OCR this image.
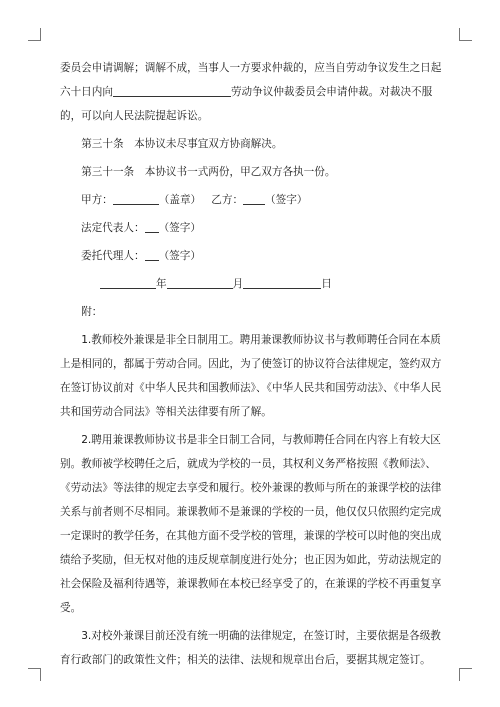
委员会申请调解；调解不成，当事人一方要求仲裁的，应当自劳动争议发生之日起六十日内向	劳动争议仲裁委员会申请仲裁。对裁决不服的，可以向人民法院提起诉讼。

第三十条　本协议未尽事宜双方协商解决。

第三十一条　本协议书一式两份，甲乙双方各执一份。

甲方：	（盖章） 乙方： （签字）

法定代表人： （签字）

委托代理人： （签字）

年	月	日

附：

1.教师校外兼课是非全日制用工。聘用兼课教师协议书与教师聘任合同在本质上是相同的，都属于劳动合同。因此，为了使签订的协议符合法律规定，签约双方在签订协议前对《中华人民共和国教师法》、《中华人民共和国劳动法》、《中华人民共和国劳动合同法》等相关法律要有所了解。

2.聘用兼课教师协议书是非全日制工合同，与教师聘任合同在内容上有较大区别。教师被学校聘任之后，就成为学校的一员，其权利义务严格按照《教师法》、《劳动法》等法律的规定去享受和履行。校外兼课的教师与所在的兼课学校的法律关系与前者则不尽相同。兼课教师不是兼课的学校的一员，他仅仅只依照约定完成一定课时的教学任务，在其他方面不受学校的管理，兼课的学校可以时他的突出成绩给予奖励，但无权对他的违反规章制度进行处分；也正因为如此，劳动法规定的社会保险及福利待遇等，兼课教师在本校已经享受了的，在兼课的学校不再重复享受。

3.对校外兼课目前还没有统一明确的法律规定，在签订时，主要依据是各级教育行政部门的政策性文件；相关的法律、法规和规章出台后，要据其规定签订。
